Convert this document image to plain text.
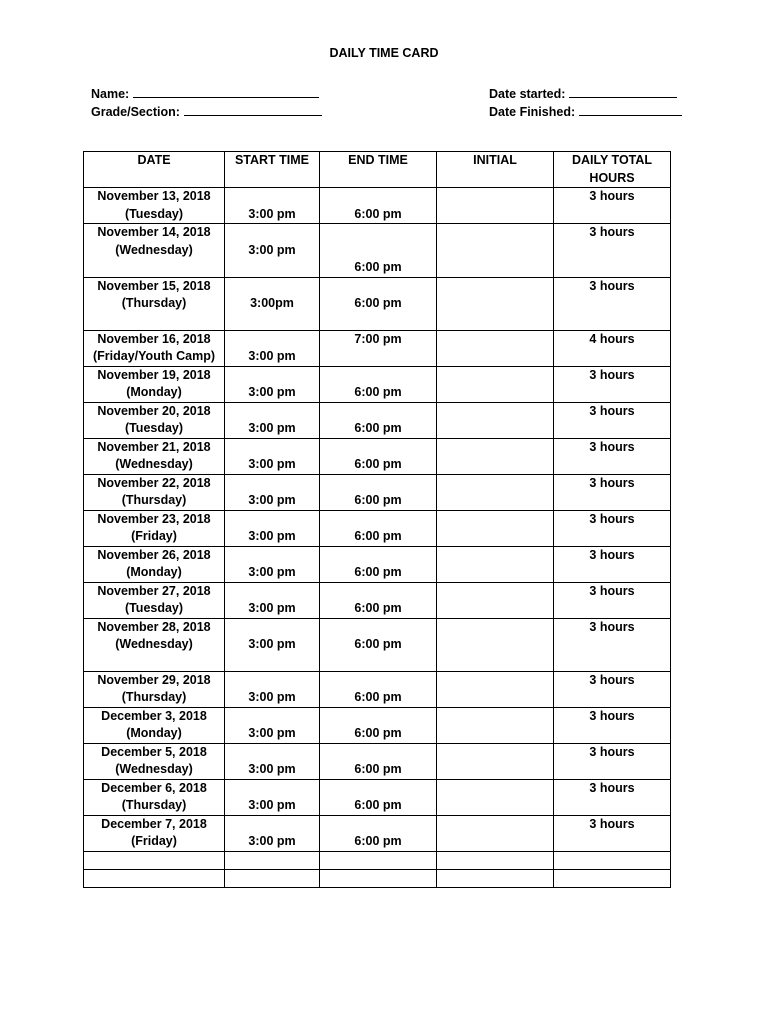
DAILY TIME CARD
Name:
Grade/Section:
Date started:
Date Finished:
DATE	START TIME	END TIME	INITIAL	DAILY TOTAL
HOURS

November 13, 2018
(Tuesday)	3:00 pm	6:00 pm		3 hours

November 14, 2018
(Wednesday)	3:00 pm	6:00 pm		3 hours

November 15, 2018
(Thursday)	3:00pm	6:00 pm		3 hours

November 16, 2018
(Friday/Youth Camp)	3:00 pm	7:00 pm		4 hours

November 19, 2018
(Monday)	3:00 pm	6:00 pm		3 hours

November 20, 2018
(Tuesday)	3:00 pm	6:00 pm		3 hours

November 21, 2018
(Wednesday)	3:00 pm	6:00 pm		3 hours

November 22, 2018
(Thursday)	3:00 pm	6:00 pm		3 hours

November 23, 2018
(Friday)	3:00 pm	6:00 pm		3 hours

November 26, 2018
(Monday)	3:00 pm	6:00 pm		3 hours

November 27, 2018
(Tuesday)	3:00 pm	6:00 pm		3 hours

November 28, 2018
(Wednesday)	3:00 pm	6:00 pm		3 hours

November 29, 2018
(Thursday)	3:00 pm	6:00 pm		3 hours

December 3, 2018
(Monday)	3:00 pm	6:00 pm		3 hours

December 5, 2018
(Wednesday)	3:00 pm	6:00 pm		3 hours

December 6, 2018
(Thursday)	3:00 pm	6:00 pm		3 hours

December 7, 2018
(Friday)	3:00 pm	6:00 pm		3 hours
